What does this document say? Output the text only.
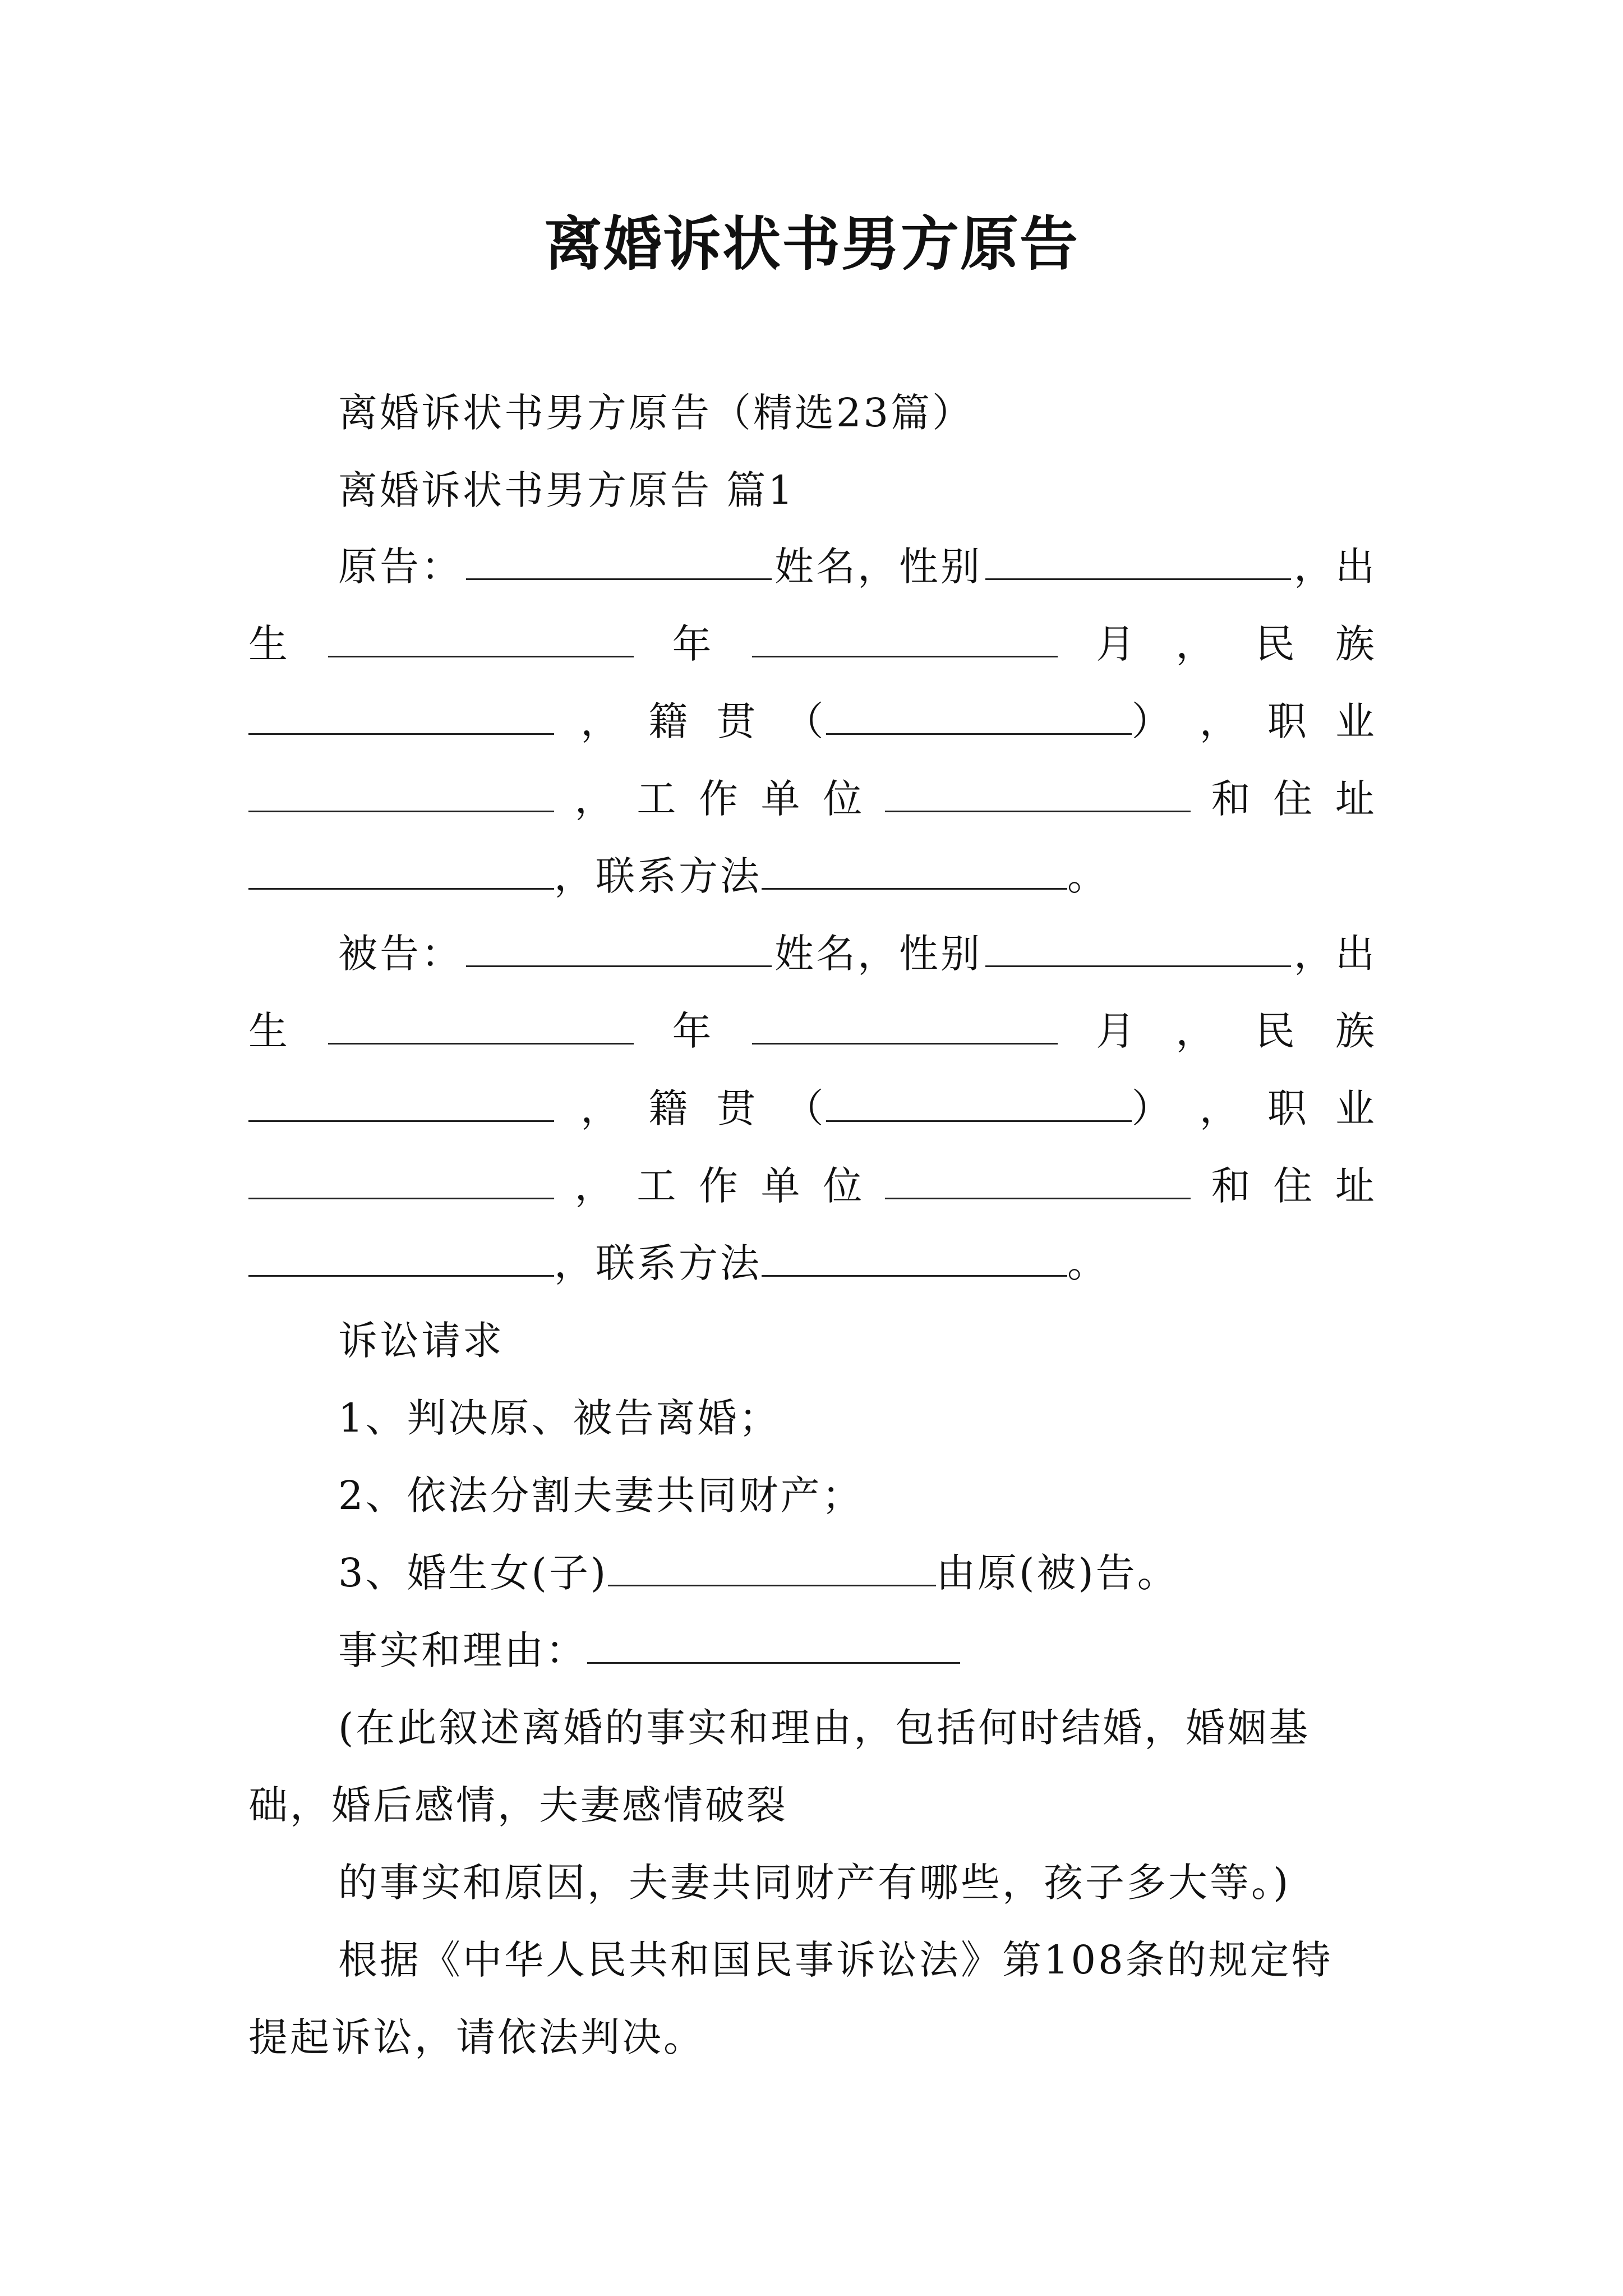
离婚诉状书男方原告
离婚诉状书男方原告（精选23篇）
离婚诉状书男方原告 篇1
原告：	姓名，性别	，出
生	年	月 ， 民 族
， 籍 贯 （	） ， 职 业
， 工 作 单 位	和 住 址
，联系方法	。
被告：	姓名，性别	，出
生	年	月 ， 民 族
， 籍 贯 （	） ， 职 业
， 工 作 单 位	和 住 址
，联系方法	。
诉讼请求
1、判决原、被告离婚；
2、依法分割夫妻共同财产；
3、婚生女(子)	由原(被)告。
事实和理由：
(在此叙述离婚的事实和理由，包括何时结婚，婚姻基
础，婚后感情，夫妻感情破裂
的事实和原因，夫妻共同财产有哪些，孩子多大等。)
根据《中华人民共和国民事诉讼法》第108条的规定特
提起诉讼，请依法判决。
